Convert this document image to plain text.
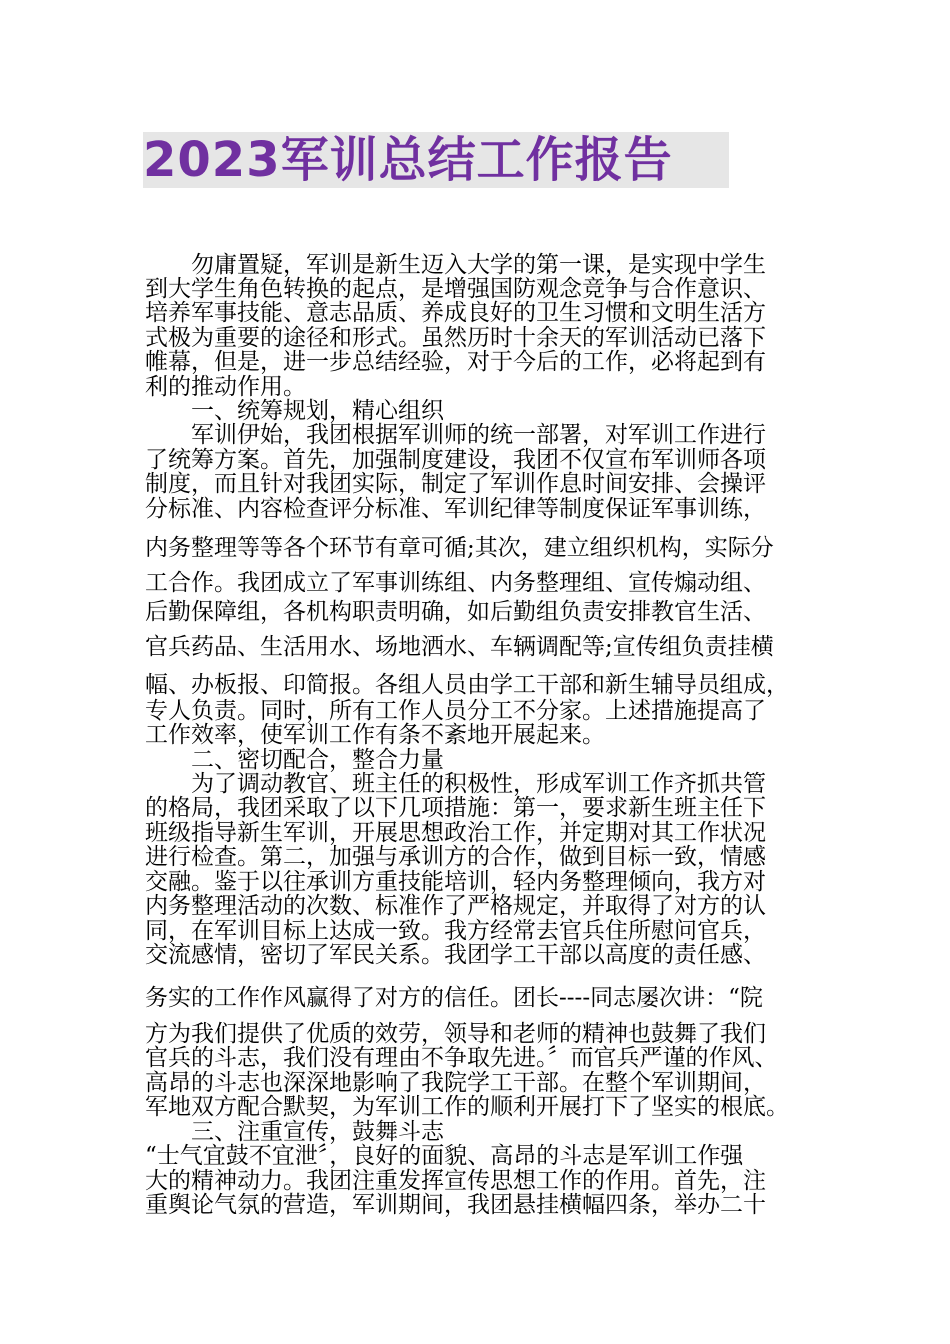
2023军训总结工作报告
勿庸置疑，军训是新生迈入大学的第一课，是实现中学生
到大学生角色转换的起点，是增强国防观念竞争与合作意识、
培养军事技能、意志品质、养成良好的卫生习惯和文明生活方
式极为重要的途径和形式。虽然历时十余天的军训活动已落下
帷幕，但是，进一步总结经验，对于今后的工作，必将起到有
利的推动作用。
一、统筹规划，精心组织
军训伊始，我团根据军训师的统一部署，对军训工作进行
了统筹方案。首先，加强制度建设，我团不仅宣布军训师各项
制度，而且针对我团实际，制定了军训作息时间安排、会操评
分标准、内容检查评分标准、军训纪律等制度保证军事训练，
内务整理等等各个环节有章可循;其次，建立组织机构，实际分
工合作。我团成立了军事训练组、内务整理组、宣传煽动组、
后勤保障组，各机构职责明确，如后勤组负责安排教官生活、
官兵药品、生活用水、场地洒水、车辆调配等;宣传组负责挂横
幅、办板报、印简报。各组人员由学工干部和新生辅导员组成，
专人负责。同时，所有工作人员分工不分家。上述措施提高了
工作效率，使军训工作有条不紊地开展起来。
二、密切配合，整合力量
为了调动教官、班主任的积极性，形成军训工作齐抓共管
的格局，我团采取了以下几项措施：第一，要求新生班主任下
班级指导新生军训，开展思想政治工作，并定期对其工作状况
进行检查。第二，加强与承训方的合作，做到目标一致，情感
交融。鉴于以往承训方重技能培训，轻内务整理倾向，我方对
内务整理活动的次数、标准作了严格规定，并取得了对方的认
同，在军训目标上达成一致。我方经常去官兵住所慰问官兵，
交流感情，密切了军民关系。我团学工干部以高度的责任感、
务实的工作作风赢得了对方的信任。团长----同志屡次讲：“院
方为我们提供了优质的效劳，领导和老师的精神也鼓舞了我们
官兵的斗志，我们没有理由不争取先进。〞而官兵严谨的作风、
高昂的斗志也深深地影响了我院学工干部。在整个军训期间，
军地双方配合默契，为军训工作的顺利开展打下了坚实的根底。
三、注重宣传，鼓舞斗志
“士气宜鼓不宜泄〞，良好的面貌、高昂的斗志是军训工作强
大的精神动力。我团注重发挥宣传思想工作的作用。首先，注
重舆论气氛的营造，军训期间，我团悬挂横幅四条，举办二十
